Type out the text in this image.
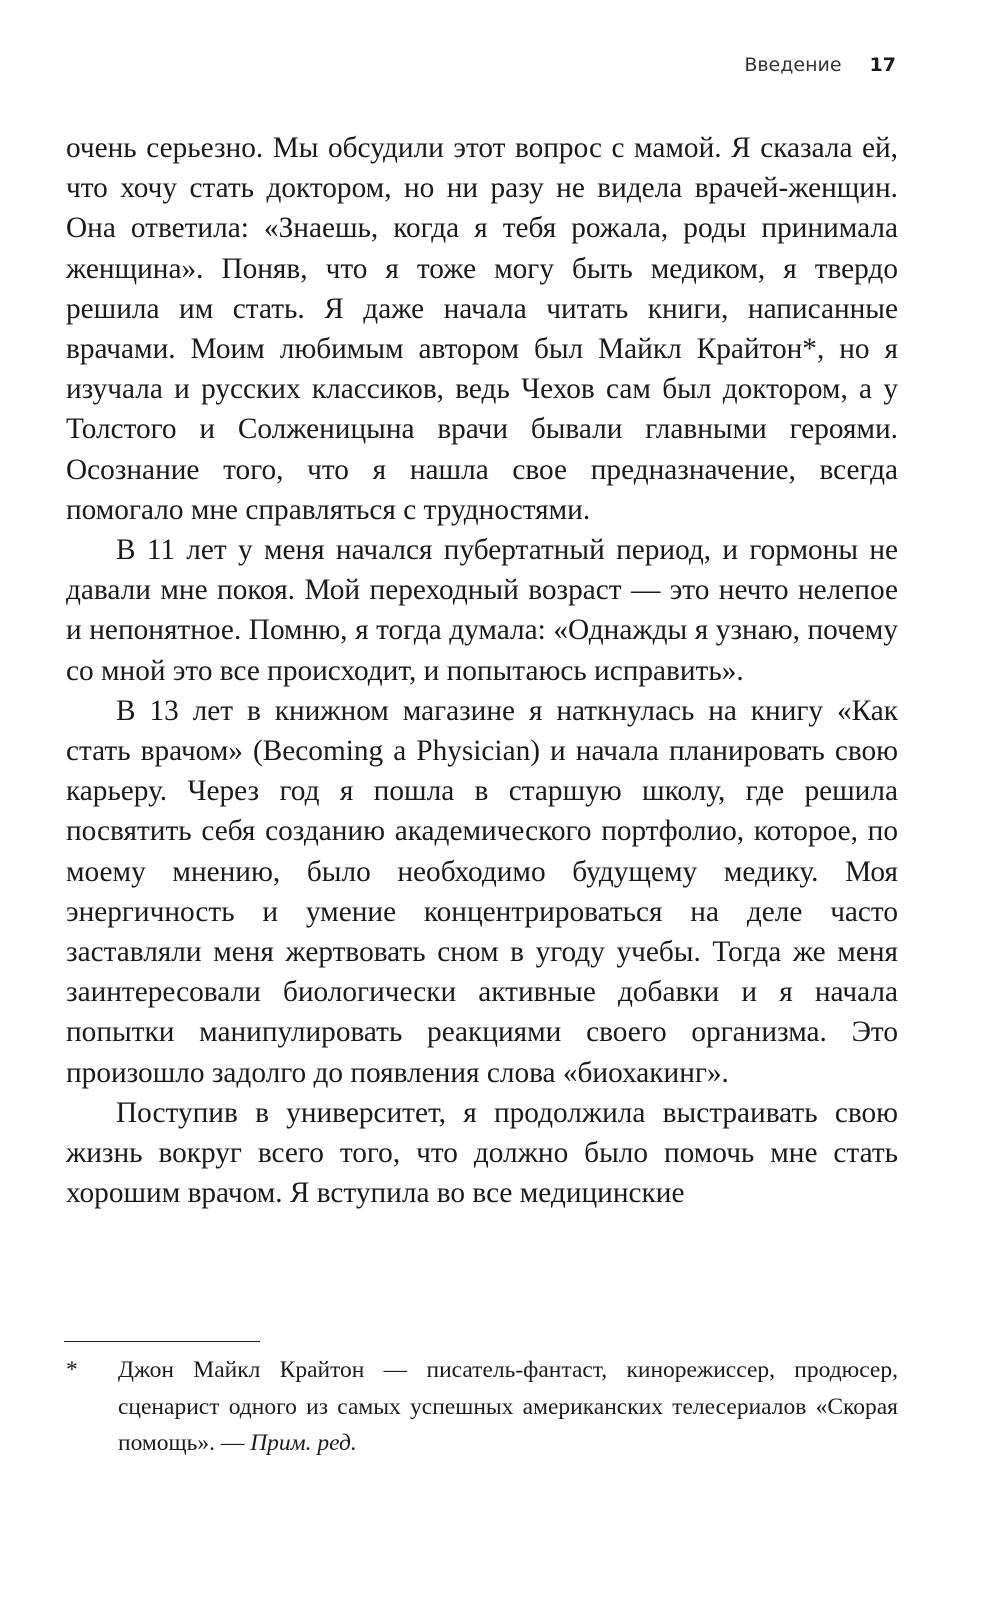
Введение 17

очень серьезно. Мы обсудили этот вопрос с мамой. Я сказала ей, что хочу стать доктором, но ни разу не видела врачей-женщин. Она ответила: «Знаешь, когда я тебя рожала, роды принимала женщина». Поняв, что я тоже могу быть медиком, я твердо решила им стать. Я даже начала читать книги, написанные врачами. Моим любимым автором был Майкл Крайтон*, но я изучала и русских классиков, ведь Чехов сам был доктором, а у Толстого и Солженицына врачи бывали главными героями. Осознание того, что я нашла свое предназначение, всегда помогало мне справляться с трудностями.

В 11 лет у меня начался пубертатный период, и гормоны не давали мне покоя. Мой переходный возраст — это нечто нелепое и непонятное. Помню, я тогда думала: «Однажды я узнаю, почему со мной это все происходит, и попытаюсь исправить».

В 13 лет в книжном магазине я наткнулась на книгу «Как стать врачом» (Becoming a Physician) и начала планировать свою карьеру. Через год я пошла в старшую школу, где решила посвятить себя созданию академического портфолио, которое, по моему мнению, было необходимо будущему медику. Моя энергичность и умение концентрироваться на деле часто заставляли меня жертвовать сном в угоду учебы. Тогда же меня заинтересовали биологически активные добавки и я начала попытки манипулировать реакциями своего организма. Это произошло задолго до появления слова «биохакинг».

Поступив в университет, я продолжила выстраивать свою жизнь вокруг всего того, что должно было помочь мне стать хорошим врачом. Я вступила во все медицинские

*	Джон Майкл Крайтон — писатель-фантаст, кинорежиссер, продюсер, сценарист одного из самых успешных американских телесериалов «Скорая помощь». — Прим. ред.
